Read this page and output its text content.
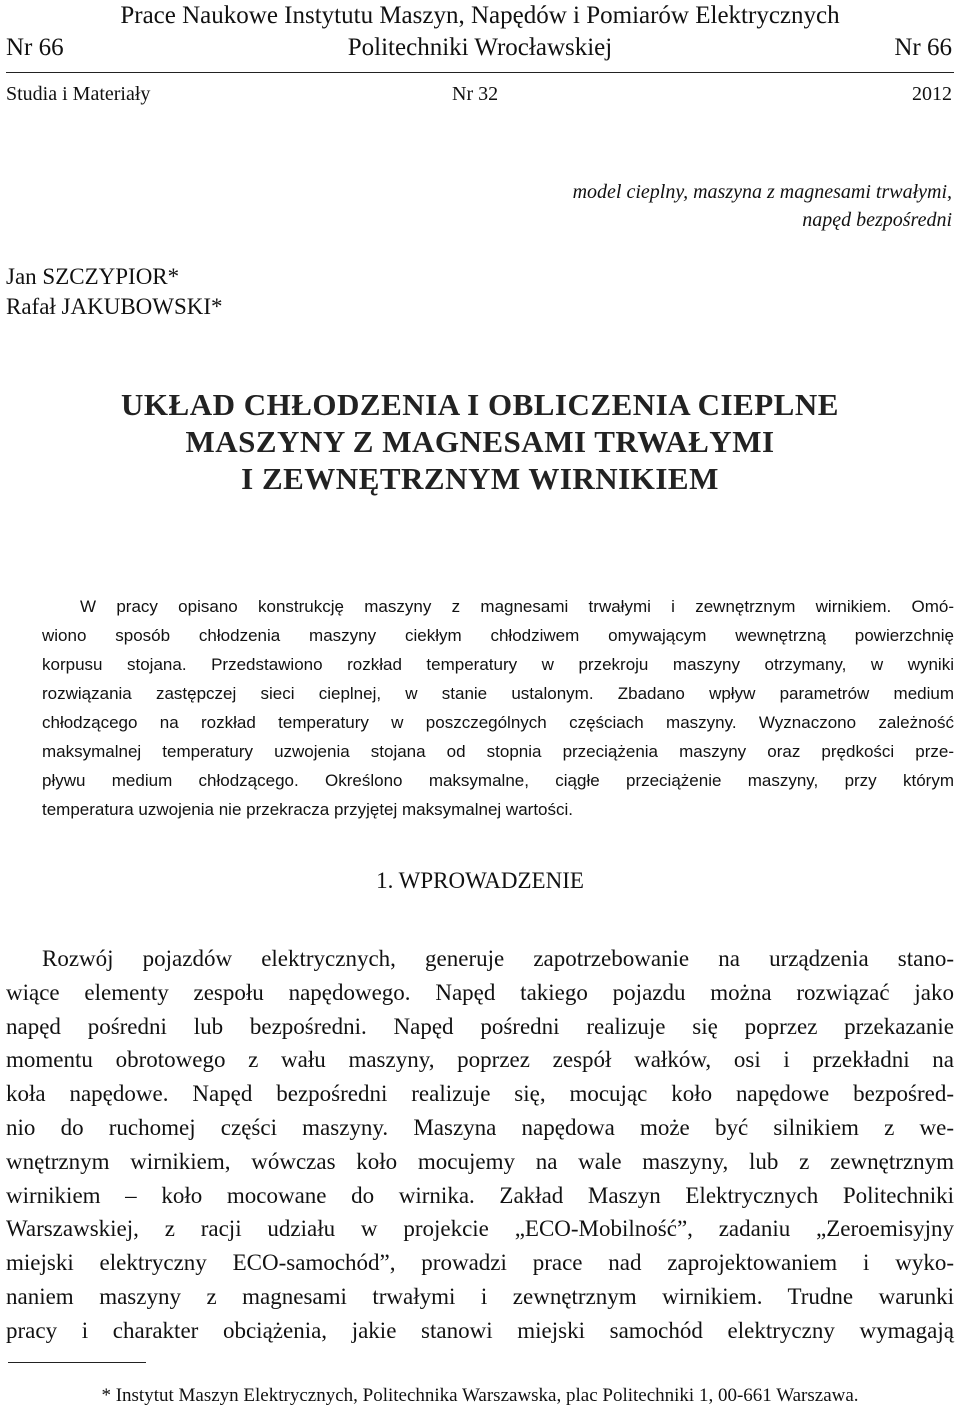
Prace Naukowe Instytutu Maszyn, Napędów i Pomiarów Elektrycznych
Politechniki Wrocławskiej
Nr 66	Nr 66
Studia i Materiały	Nr 32	2012
model cieplny, maszyna z magnesami trwałymi,
napęd bezpośredni
Jan SZCZYPIOR*
Rafał JAKUBOWSKI*
UKŁAD CHŁODZENIA I OBLICZENIA CIEPLNE
MASZYNY Z MAGNESAMI TRWAŁYMI
I ZEWNĘTRZNYM WIRNIKIEM
W pracy opisano konstrukcję maszyny z magnesami trwałymi i zewnętrznym wirnikiem. Omó-
wiono sposób chłodzenia maszyny ciekłym chłodziwem omywającym wewnętrzną powierzchnię
korpusu stojana. Przedstawiono rozkład temperatury w przekroju maszyny otrzymany, w wyniki
rozwiązania zastępczej sieci cieplnej, w stanie ustalonym. Zbadano wpływ parametrów medium
chłodzącego na rozkład temperatury w poszczególnych częściach maszyny. Wyznaczono zależność
maksymalnej temperatury uzwojenia stojana od stopnia przeciążenia maszyny oraz prędkości prze-
pływu medium chłodzącego. Określono maksymalne, ciągłe przeciążenie maszyny, przy którym
temperatura uzwojenia nie przekracza przyjętej maksymalnej wartości.
1. WPROWADZENIE
Rozwój pojazdów elektrycznych, generuje zapotrzebowanie na urządzenia stano-
wiące elementy zespołu napędowego. Napęd takiego pojazdu można rozwiązać jako
napęd pośredni lub bezpośredni. Napęd pośredni realizuje się poprzez przekazanie
momentu obrotowego z wału maszyny, poprzez zespół wałków, osi i przekładni na
koła napędowe. Napęd bezpośredni realizuje się, mocując koło napędowe bezpośred-
nio do ruchomej części maszyny. Maszyna napędowa może być silnikiem z we-
wnętrznym wirnikiem, wówczas koło mocujemy na wale maszyny, lub z zewnętrznym
wirnikiem – koło mocowane do wirnika. Zakład Maszyn Elektrycznych Politechniki
Warszawskiej, z racji udziału w projekcie „ECO-Mobilność”, zadaniu „Zeroemisyjny
miejski elektryczny ECO-samochód”, prowadzi prace nad zaprojektowaniem i wyko-
naniem maszyny z magnesami trwałymi i zewnętrznym wirnikiem. Trudne warunki
pracy i charakter obciążenia, jakie stanowi miejski samochód elektryczny wymagają
* Instytut Maszyn Elektrycznych, Politechnika Warszawska, plac Politechniki 1, 00-661 Warszawa.
